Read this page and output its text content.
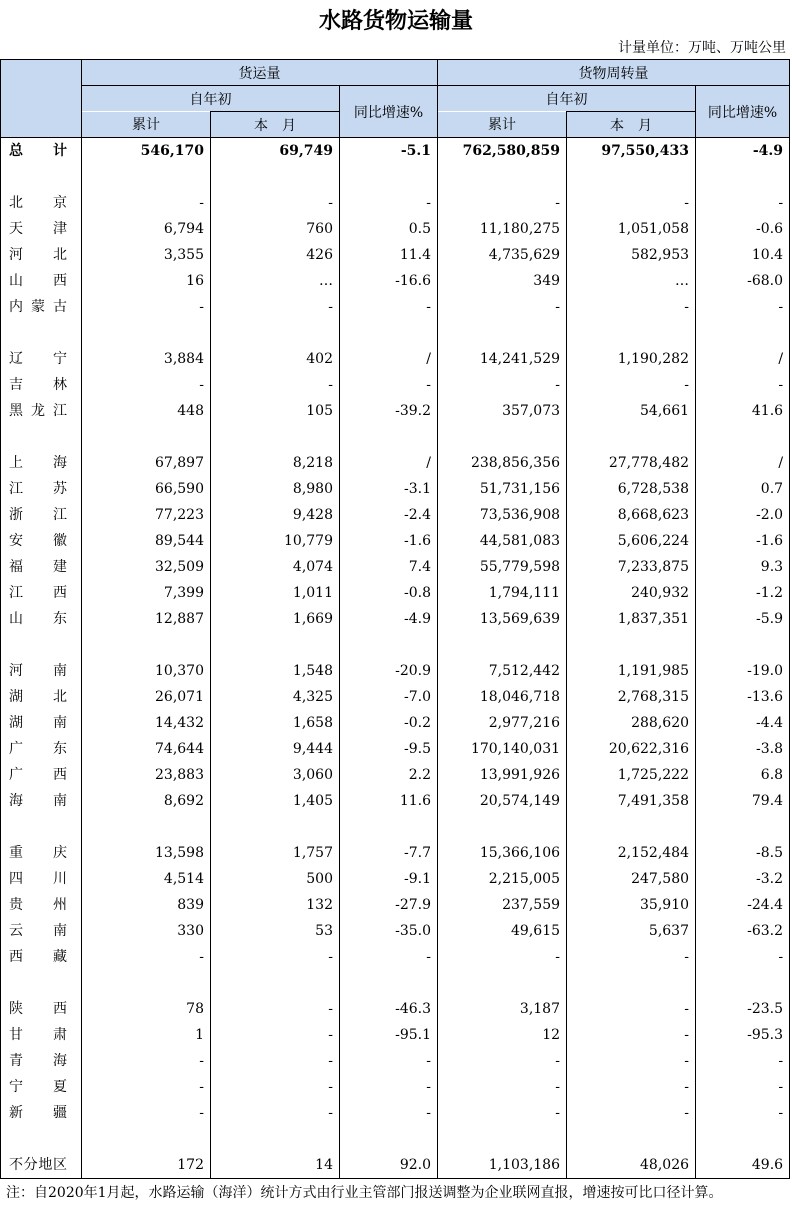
水路货物运输量
计量单位：万吨、万吨公里
	货运量			货物周转量		
	自年初		同比增速%	自年初		同比增速%
	累计	本　月		累计	本　月	
总　计	546,170	69,749	-5.1	762,580,859	97,550,433	-4.9

北京	-	-	-	-	-	-
天津	6,794	760	0.5	11,180,275	1,051,058	-0.6
河北	3,355	426	11.4	4,735,629	582,953	10.4
山西	16	…	-16.6	349	…	-68.0
内蒙古	-	-	-	-	-	-

辽宁	3,884	402	/	14,241,529	1,190,282	/
吉林	-	-	-	-	-	-
黑龙江	448	105	-39.2	357,073	54,661	41.6

上海	67,897	8,218	/	238,856,356	27,778,482	/
江苏	66,590	8,980	-3.1	51,731,156	6,728,538	0.7
浙江	77,223	9,428	-2.4	73,536,908	8,668,623	-2.0
安徽	89,544	10,779	-1.6	44,581,083	5,606,224	-1.6
福建	32,509	4,074	7.4	55,779,598	7,233,875	9.3
江西	7,399	1,011	-0.8	1,794,111	240,932	-1.2
山东	12,887	1,669	-4.9	13,569,639	1,837,351	-5.9

河南	10,370	1,548	-20.9	7,512,442	1,191,985	-19.0
湖北	26,071	4,325	-7.0	18,046,718	2,768,315	-13.6
湖南	14,432	1,658	-0.2	2,977,216	288,620	-4.4
广东	74,644	9,444	-9.5	170,140,031	20,622,316	-3.8
广西	23,883	3,060	2.2	13,991,926	1,725,222	6.8
海南	8,692	1,405	11.6	20,574,149	7,491,358	79.4

重庆	13,598	1,757	-7.7	15,366,106	2,152,484	-8.5
四川	4,514	500	-9.1	2,215,005	247,580	-3.2
贵州	839	132	-27.9	237,559	35,910	-24.4
云南	330	53	-35.0	49,615	5,637	-63.2
西藏	-	-	-	-	-	-

陕西	78	-	-46.3	3,187	-	-23.5
甘肃	1	-	-95.1	12	-	-95.3
青海	-	-	-	-	-	-
宁夏	-	-	-	-	-	-
新疆	-	-	-	-	-	-

不分地区	172	14	92.0	1,103,186	48,026	49.6
注：自2020年1月起，水路运输（海洋）统计方式由行业主管部门报送调整为企业联网直报，增速按可比口径计算。
